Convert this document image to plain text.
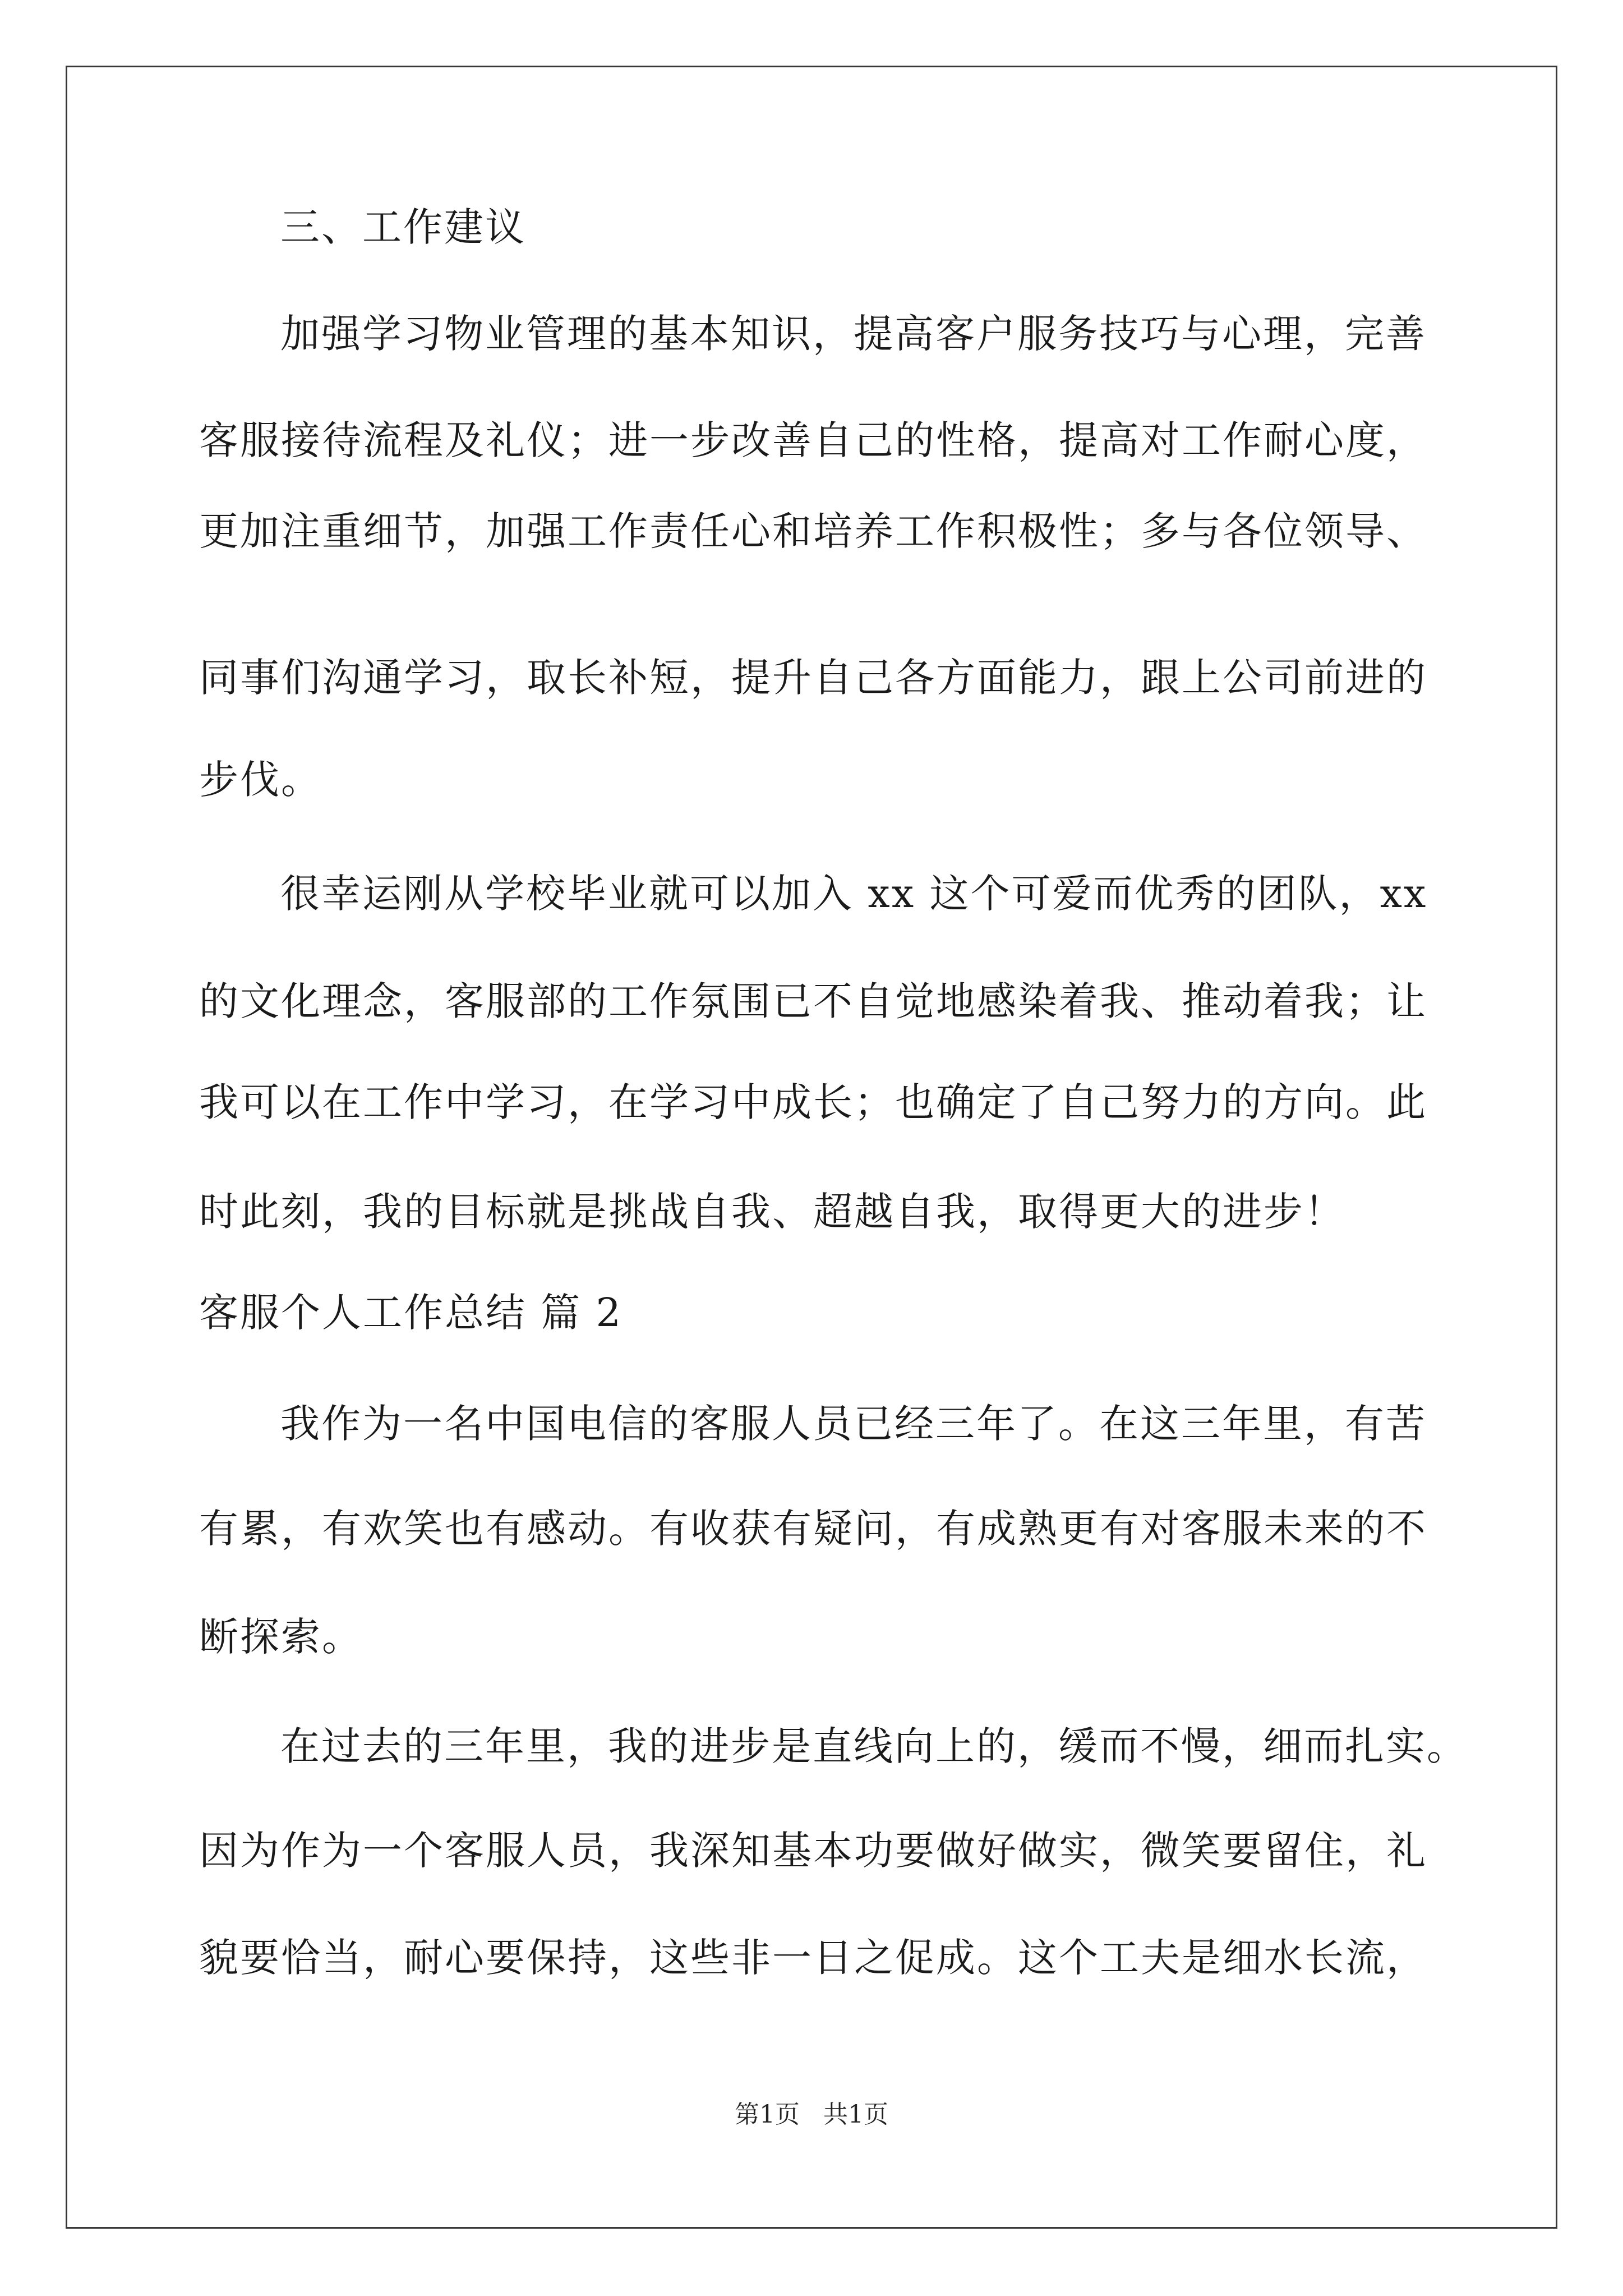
三、工作建议
加强学习物业管理的基本知识，提高客户服务技巧与心理，完善
客服接待流程及礼仪；进一步改善自己的性格，提高对工作耐心度，
更加注重细节，加强工作责任心和培养工作积极性；多与各位领导、
同事们沟通学习，取长补短，提升自己各方面能力，跟上公司前进的
步伐。
很幸运刚从学校毕业就可以加入 xx 这个可爱而优秀的团队，xx
的文化理念，客服部的工作氛围已不自觉地感染着我、推动着我；让
我可以在工作中学习，在学习中成长；也确定了自己努力的方向。此
时此刻，我的目标就是挑战自我、超越自我，取得更大的进步！
客服个人工作总结 篇 2
我作为一名中国电信的客服人员已经三年了。在这三年里，有苦
有累，有欢笑也有感动。有收获有疑问，有成熟更有对客服未来的不
断探索。
在过去的三年里，我的进步是直线向上的，缓而不慢，细而扎实。
因为作为一个客服人员，我深知基本功要做好做实，微笑要留住，礼
貌要恰当，耐心要保持，这些非一日之促成。这个工夫是细水长流，
第1页   共1页
